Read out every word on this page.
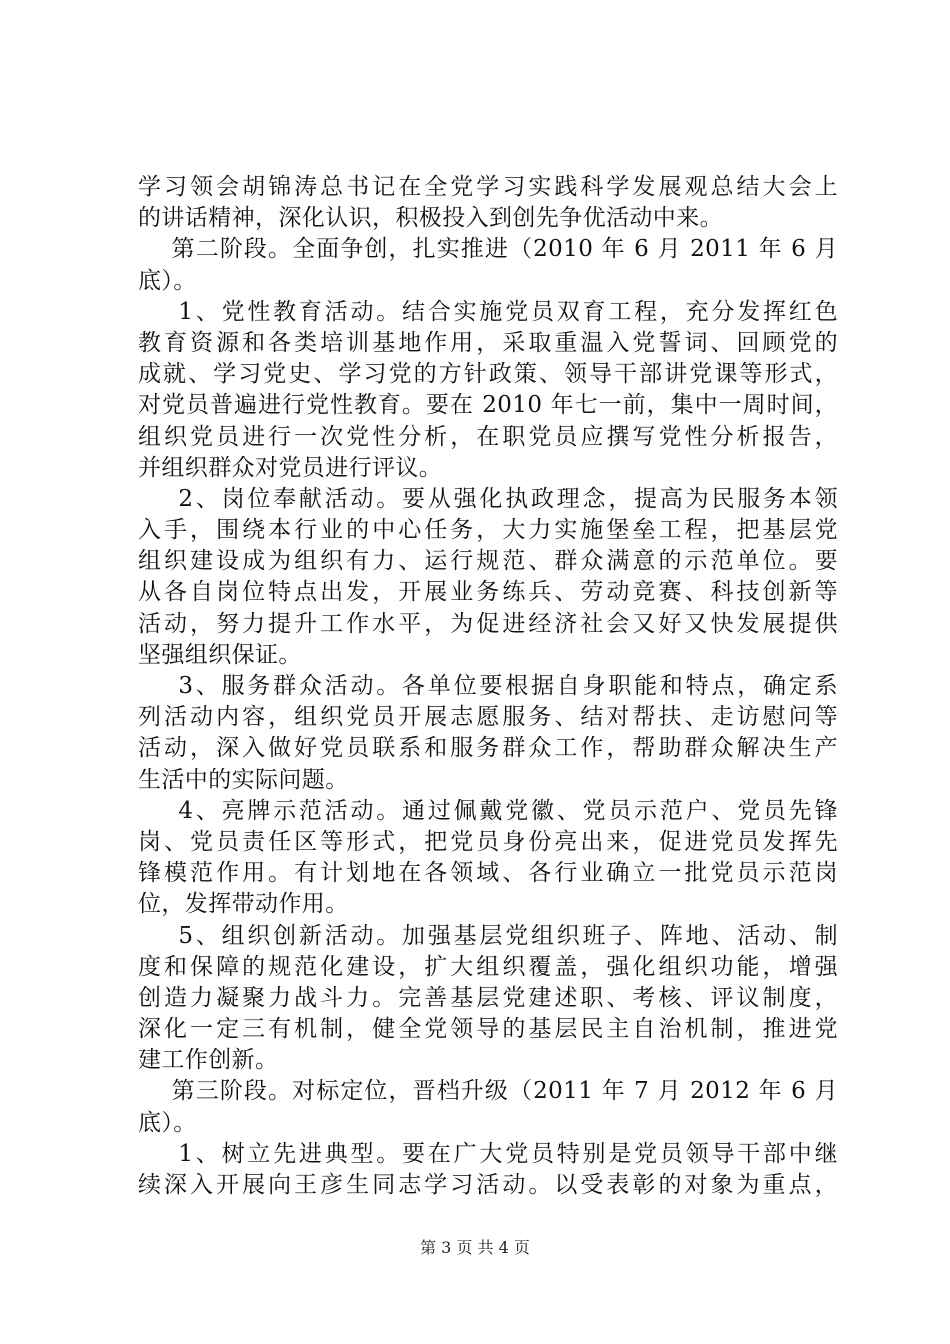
学习领会胡锦涛总书记在全党学习实践科学发展观总结大会上
的讲话精神，深化认识，积极投入到创先争优活动中来。
第二阶段。全面争创，扎实推进（2010 年 6 月 2011 年 6 月
底）。
1、党性教育活动。结合实施党员双育工程，充分发挥红色
教育资源和各类培训基地作用，采取重温入党誓词、回顾党的
成就、学习党史、学习党的方针政策、领导干部讲党课等形式，
对党员普遍进行党性教育。要在 2010 年七一前，集中一周时间，
组织党员进行一次党性分析，在职党员应撰写党性分析报告，
并组织群众对党员进行评议。
2、岗位奉献活动。要从强化执政理念，提高为民服务本领
入手，围绕本行业的中心任务，大力实施堡垒工程，把基层党
组织建设成为组织有力、运行规范、群众满意的示范单位。要
从各自岗位特点出发，开展业务练兵、劳动竞赛、科技创新等
活动，努力提升工作水平，为促进经济社会又好又快发展提供
坚强组织保证。
3、服务群众活动。各单位要根据自身职能和特点，确定系
列活动内容，组织党员开展志愿服务、结对帮扶、走访慰问等
活动，深入做好党员联系和服务群众工作，帮助群众解决生产
生活中的实际问题。
4、亮牌示范活动。通过佩戴党徽、党员示范户、党员先锋
岗、党员责任区等形式，把党员身份亮出来，促进党员发挥先
锋模范作用。有计划地在各领域、各行业确立一批党员示范岗
位，发挥带动作用。
5、组织创新活动。加强基层党组织班子、阵地、活动、制
度和保障的规范化建设，扩大组织覆盖，强化组织功能，增强
创造力凝聚力战斗力。完善基层党建述职、考核、评议制度，
深化一定三有机制，健全党领导的基层民主自治机制，推进党
建工作创新。
第三阶段。对标定位，晋档升级（2011 年 7 月 2012 年 6 月
底）。
1、树立先进典型。要在广大党员特别是党员领导干部中继
续深入开展向王彦生同志学习活动。以受表彰的对象为重点，
第 3 页 共 4 页
